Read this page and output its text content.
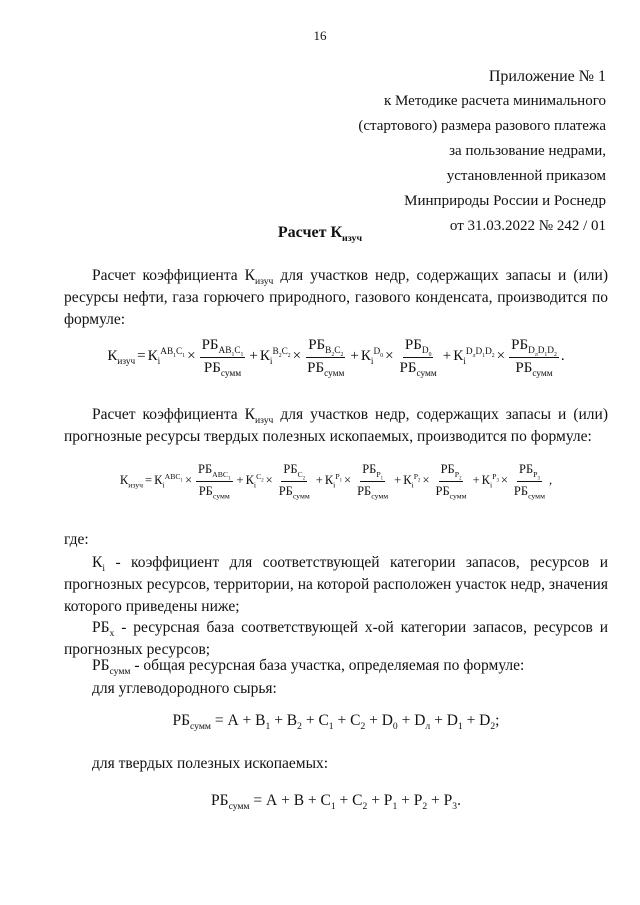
16
Приложение № 1
к Методике расчета минимального
(стартового) размера разового платежа
за пользование недрами,
установленной приказом
Минприроды России и Роснедр
от 31.03.2022 № 242 / 01
Расчет $К_{изуч}$
Расчет коэффициента $К_{изуч}$ для участков недр, содержащих запасы и (или) ресурсы нефти, газа горючего природного, газового конденсата, производится по формуле:
$К_{изуч} = К_i^{AB_1C_1} \times \frac{РБ_{AB_1C_1}}{РБ_{сумм}} + К_i^{B_2C_2} \times \frac{РБ_{B_2C_2}}{РБ_{сумм}} + К_i^{D_0} \times \frac{РБ_{D_0}}{РБ_{сумм}} + К_i^{D_лD_1D_2} \times \frac{РБ_{D_лD_1D_2}}{РБ_{сумм}}$ .
Расчет коэффициента $К_{изуч}$ для участков недр, содержащих запасы и (или) прогнозные ресурсы твердых полезных ископаемых, производится по формуле:
$К_{изуч} = К_i^{ABC_1} \times \frac{РБ_{ABC_1}}{РБ_{сумм}} + К_i^{C_2} \times \frac{РБ_{C_2}}{РБ_{сумм}} + К_i^{P_1} \times \frac{РБ_{P_1}}{РБ_{сумм}} + К_i^{P_2} \times \frac{РБ_{P_2}}{РБ_{сумм}} + К_i^{P_3} \times \frac{РБ_{P_3}}{РБ_{сумм}}$ ,
где:
$К_i$ - коэффициент для соответствующей категории запасов, ресурсов и прогнозных ресурсов, территории, на которой расположен участок недр, значения которого приведены ниже;
$РБ_х$ - ресурсная база соответствующей х-ой категории запасов, ресурсов и прогнозных ресурсов;
$РБ_{сумм}$ - общая ресурсная база участка, определяемая по формуле:
для углеводородного сырья:
$РБ_{сумм} = А + В_1 + В_2 + С_1 + С_2 + D_0 + D_л + D_1 + D_2$;
для твердых полезных ископаемых:
$РБ_{сумм} = А + В + С_1 + С_2 + Р_1 + Р_2 + Р_3$.
